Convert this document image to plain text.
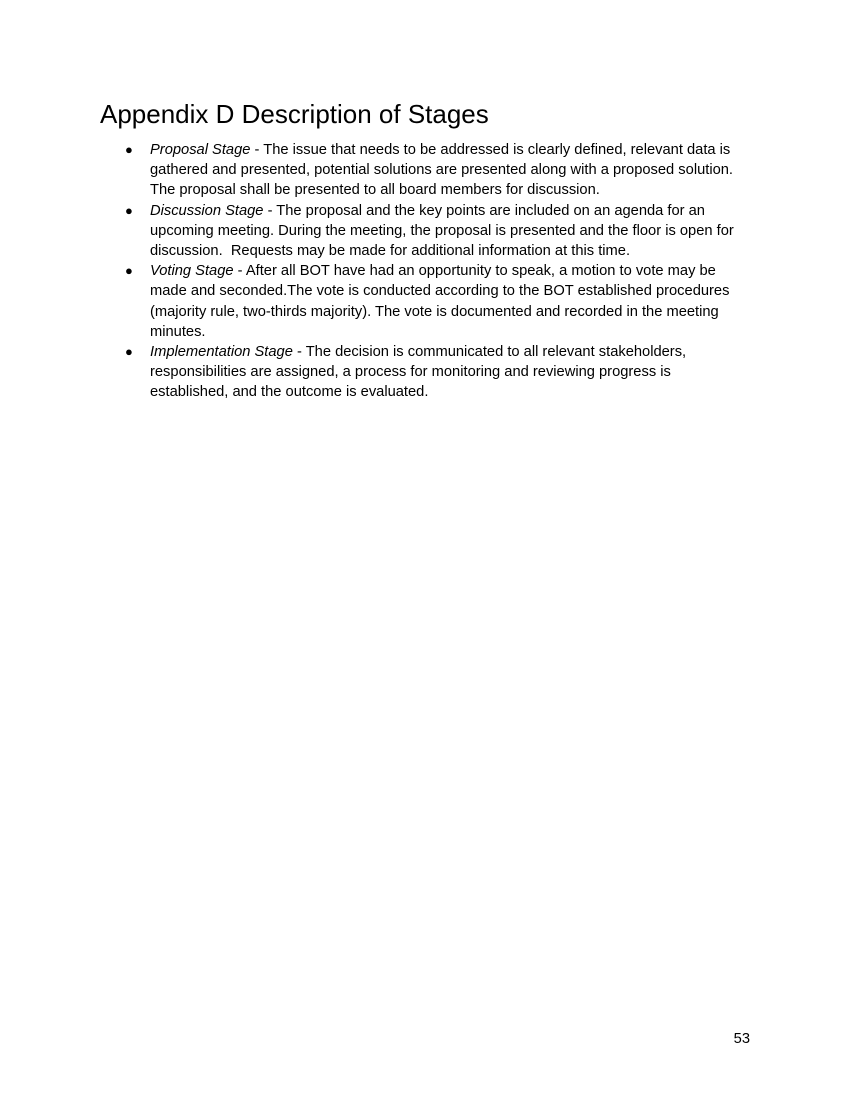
Appendix D Description of Stages
● Proposal Stage - The issue that needs to be addressed is clearly defined, relevant data is gathered and presented, potential solutions are presented along with a proposed solution. The proposal shall be presented to all board members for discussion.
● Discussion Stage - The proposal and the key points are included on an agenda for an upcoming meeting. During the meeting, the proposal is presented and the floor is open for discussion.  Requests may be made for additional information at this time.
● Voting Stage - After all BOT have had an opportunity to speak, a motion to vote may be made and seconded.The vote is conducted according to the BOT established procedures (majority rule, two-thirds majority). The vote is documented and recorded in the meeting minutes.
● Implementation Stage - The decision is communicated to all relevant stakeholders, responsibilities are assigned, a process for monitoring and reviewing progress is established, and the outcome is evaluated.
53
